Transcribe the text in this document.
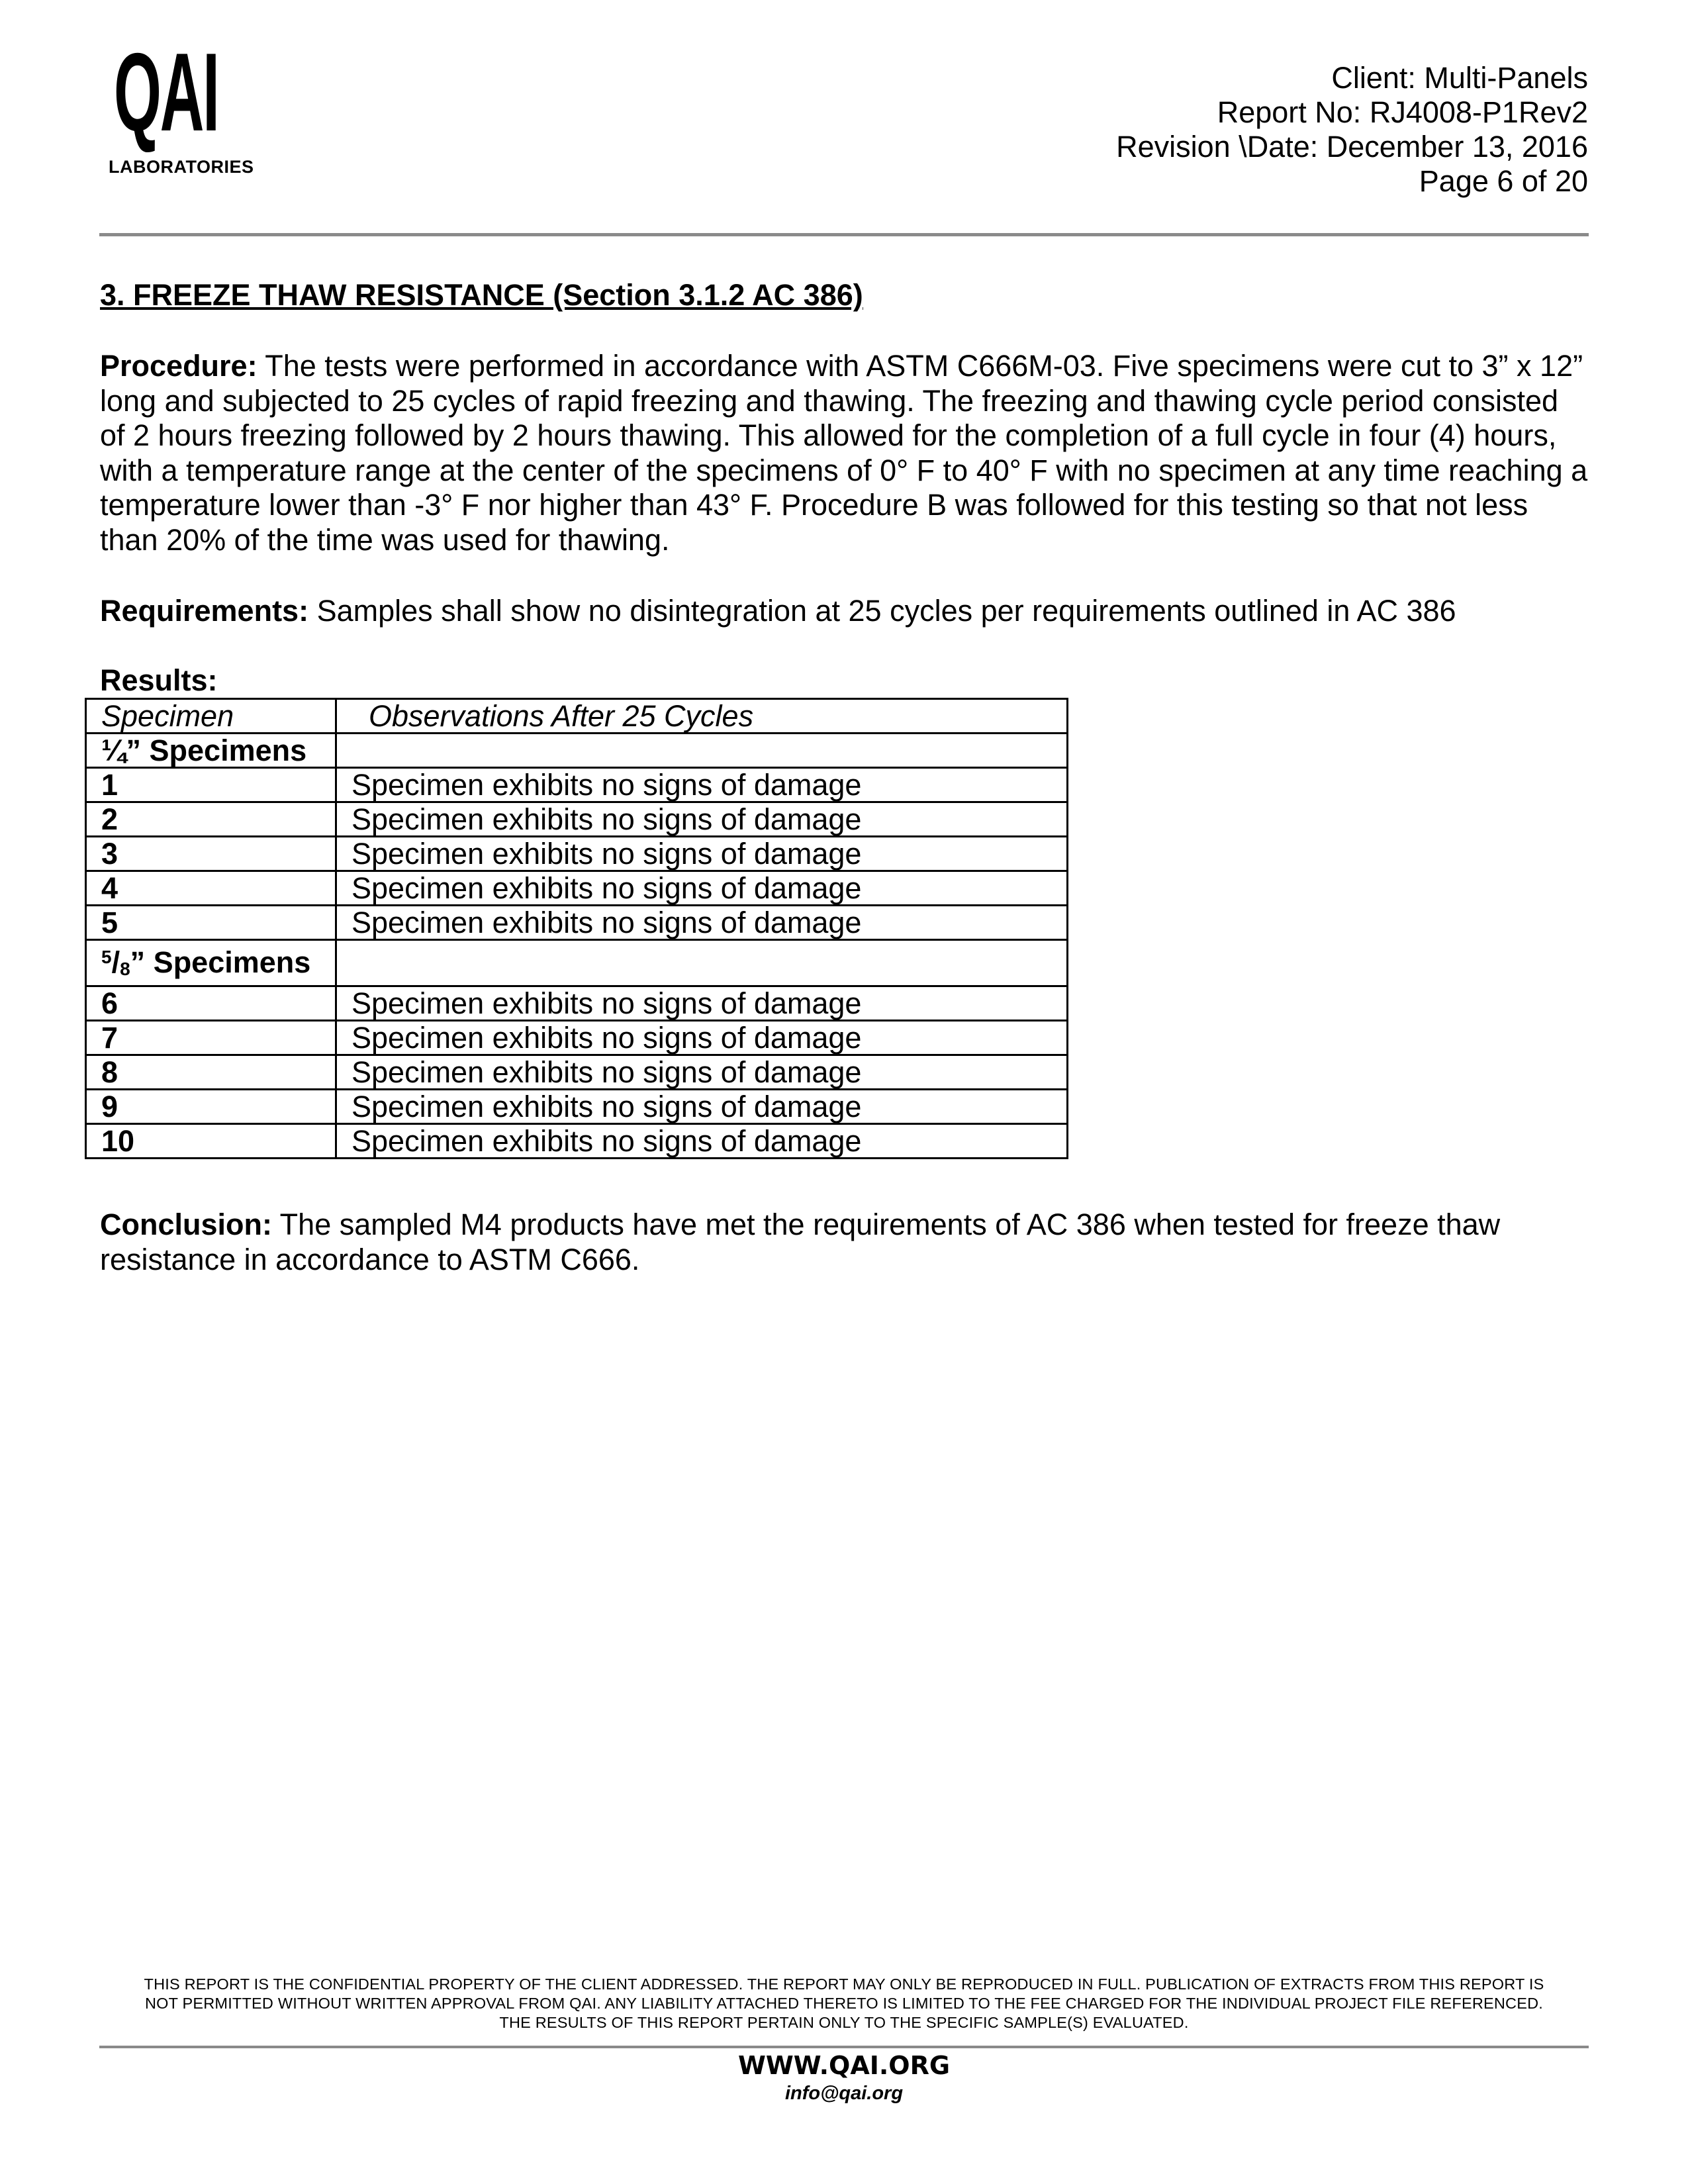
QAI
LABORATORIES
Client: Multi-Panels
Report No: RJ4008-P1Rev2
Revision \Date: December 13, 2016
Page 6 of 20
3. FREEZE THAW RESISTANCE (Section 3.1.2 AC 386)
Procedure: The tests were performed in accordance with ASTM C666M-03. Five specimens were cut to 3” x 12” long and subjected to 25 cycles of rapid freezing and thawing. The freezing and thawing cycle period consisted of 2 hours freezing followed by 2 hours thawing. This allowed for the completion of a full cycle in four (4) hours, with a temperature range at the center of the specimens of 0° F to 40° F with no specimen at any time reaching a temperature lower than -3° F nor higher than 43° F. Procedure B was followed for this testing so that not less than 20% of the time was used for thawing.
Requirements: Samples shall show no disintegration at 25 cycles per requirements outlined in AC 386
Results:
Specimen	Observations After 25 Cycles
¼” Specimens	
1	Specimen exhibits no signs of damage
2	Specimen exhibits no signs of damage
3	Specimen exhibits no signs of damage
4	Specimen exhibits no signs of damage
5	Specimen exhibits no signs of damage
$^5$/8” Specimens	
6	Specimen exhibits no signs of damage
7	Specimen exhibits no signs of damage
8	Specimen exhibits no signs of damage
9	Specimen exhibits no signs of damage
10	Specimen exhibits no signs of damage
Conclusion: The sampled M4 products have met the requirements of AC 386 when tested for freeze thaw resistance in accordance to ASTM C666.
THIS REPORT IS THE CONFIDENTIAL PROPERTY OF THE CLIENT ADDRESSED. THE REPORT MAY ONLY BE REPRODUCED IN FULL. PUBLICATION OF EXTRACTS FROM THIS REPORT IS
NOT PERMITTED WITHOUT WRITTEN APPROVAL FROM QAI. ANY LIABILITY ATTACHED THERETO IS LIMITED TO THE FEE CHARGED FOR THE INDIVIDUAL PROJECT FILE REFERENCED.
THE RESULTS OF THIS REPORT PERTAIN ONLY TO THE SPECIFIC SAMPLE(S) EVALUATED.
WWW.QAI.ORG
info@qai.org
